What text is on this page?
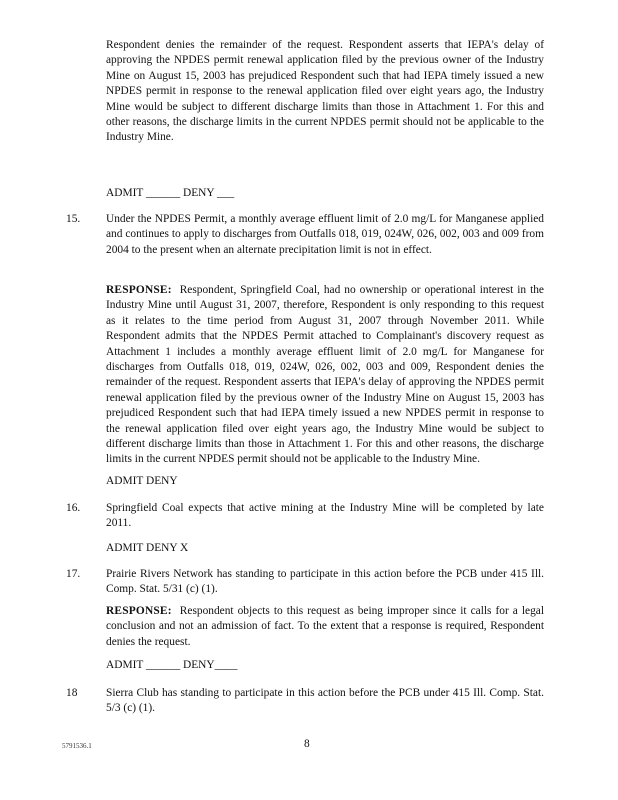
Respondent denies the remainder of the request. Respondent asserts that IEPA's delay of approving the NPDES permit renewal application filed by the previous owner of the Industry Mine on August 15, 2003 has prejudiced Respondent such that had IEPA timely issued a new NPDES permit in response to the renewal application filed over eight years ago, the Industry Mine would be subject to different discharge limits than those in Attachment 1. For this and other reasons, the discharge limits in the current NPDES permit should not be applicable to the Industry Mine.

ADMIT ______ DENY ___
15. Under the NPDES Permit, a monthly average effluent limit of 2.0 mg/L for Manganese applied and continues to apply to discharges from Outfalls 018, 019, 024W, 026, 002, 003 and 009 from 2004 to the present when an alternate precipitation limit is not in effect.

RESPONSE: Respondent, Springfield Coal, had no ownership or operational interest in the Industry Mine until August 31, 2007, therefore, Respondent is only responding to this request as it relates to the time period from August 31, 2007 through November 2011. While Respondent admits that the NPDES Permit attached to Complainant's discovery request as Attachment 1 includes a monthly average effluent limit of 2.0 mg/L for Manganese for discharges from Outfalls 018, 019, 024W, 026, 002, 003 and 009, Respondent denies the remainder of the request. Respondent asserts that IEPA's delay of approving the NPDES permit renewal application filed by the previous owner of the Industry Mine on August 15, 2003 has prejudiced Respondent such that had IEPA timely issued a new NPDES permit in response to the renewal application filed over eight years ago, the Industry Mine would be subject to different discharge limits than those in Attachment 1. For this and other reasons, the discharge limits in the current NPDES permit should not be applicable to the Industry Mine.

ADMIT DENY
16. Springfield Coal expects that active mining at the Industry Mine will be completed by late 2011.

ADMIT DENY X
17. Prairie Rivers Network has standing to participate in this action before the PCB under 415 Ill. Comp. Stat. 5/31 (c) (1).

RESPONSE: Respondent objects to this request as being improper since it calls for a legal conclusion and not an admission of fact. To the extent that a response is required, Respondent denies the request.

ADMIT ______ DENY____
18	Sierra Club has standing to participate in this action before the PCB under 415 Ill. Comp. Stat. 5/3 (c) (1).

5791536.1	8
